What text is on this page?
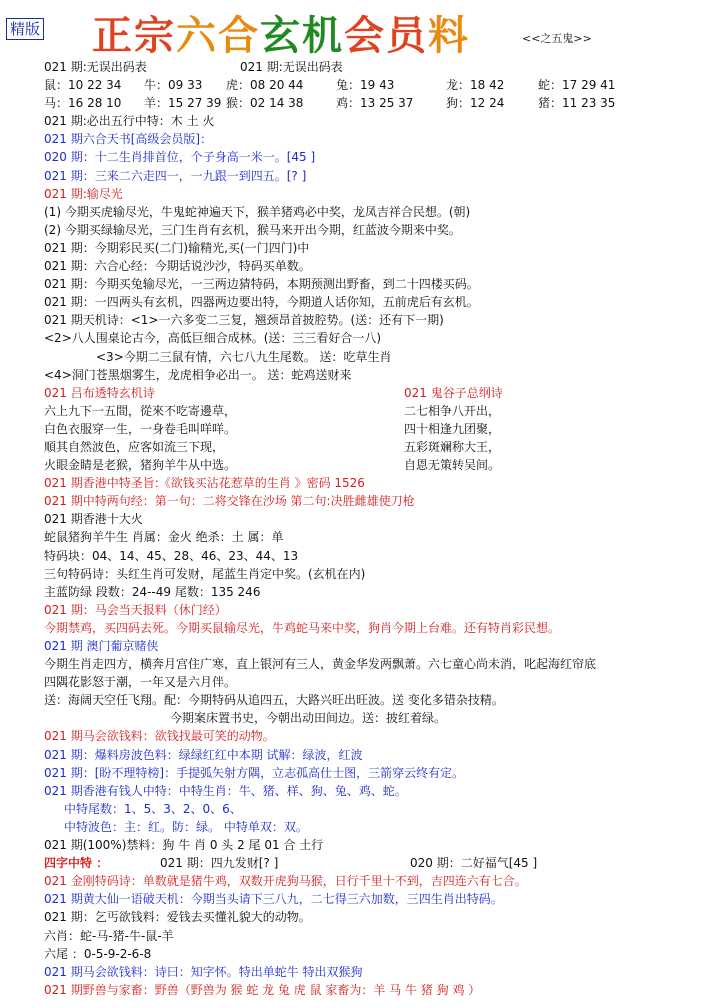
精版 正宗六合玄机会员料	<<之五鬼>>
021 期:无误出码表	021 期:无误出码表
鼠：10 22 34 牛：09 33 虎：08 20 44	兔：19 43	龙：18 42	蛇：17 29 41
马：16 28 10 羊：15 27 39 猴：02 14 38	鸡：13 25 37	狗：12 24	猪：11 23 35
021 期:必出五行中特：木 土 火
021 期六合天书[高级会员版]：
020 期：十二生肖排首位，个子身高一米一。[45 ]
021 期：三来二六走四一，一九跟一到四五。[? ]
021 期:输尽光
(1) 今期买虎输尽光，牛鬼蛇神遍天下，猴羊猪鸡必中奖，龙凤吉祥合民想。(朝)
(2) 今期买绿输尽光，三门生肖有玄机，猴马来开出今期，红蓝波今期来中奖。
021 期：今期彩民买(二门)输精光,买(一门四门)中
021 期：六合心经：今期话说沙沙，特码买单数。
021 期：今期买兔输尽光，一三两边猜特码，本期预测出野畜，到二十四楼买码。
021 期：一四两头有玄机，四器两边要出特，今期道人话你知，五前虎后有玄机。
021 期天机诗：<1>一六多变二三复，翘颈昂首披腔势。(送：还有下一期)
<2>八人围桌论古今，高低巨细合成林。(送：三三看好合一八)
<3>今期二三鼠有情，六七八九生尾数。 送：吃草生肖
<4>洞门苍黑烟雾生，龙虎相争必出一。 送：蛇鸡送财来
021 吕布透特玄机诗	021 鬼谷子总纲诗
六上九下一五間，從來不吃寄邊草，	二七相争八开出，
白色衣服穿一生，一身卷毛叫咩咩。	四十相逢九团聚，
順其自然波色，应客如流三下现，	五彩斑斓称大王，
火眼金睛是老猴，猪狗羊牛从中选。	自恩无策转吴间。
021 期香港中特圣旨:《欲钱买沾花惹草的生肖 》密码 1526
021 期中特两句经：第一句：二将交锋在沙场 第二句:决胜雌雄使刀枪
021 期香港十大火
蛇鼠猪狗羊牛生 肖属：金火 绝杀：土 属：单
特码块：04、14、45、28、46、23、44、13
三句特码诗：头红生肖可发财，尾蓝生肖定中奖。(玄机在内)
主蓝防绿 段数：24--49 尾数：135 246
021 期：马会当天报料（休门经）
今期禁鸡，买四码去死。今期买鼠输尽光，牛鸡蛇马来中奖，狗肖今期上台难。还有特肖彩民想。
021 期 澳门葡京赌侠
今期生肖走四方，横奔月宫住广寒，直上银河有三人，黄金华发两飘萧。六七童心尚未消，叱起海红帘底
四隅花影怒于潮，一年又是六月伴。
送：海阔天空任飞翔。配：今期特码从追四五，大路兴旺出旺波。送 变化多错杂技精。
今期案床置书史，今朝出动田间边。送：披红着绿。
021 期马会欲钱料：欲钱找最可笑的动物。
021 期：爆料房波色料：绿绿红红中本期 试解：绿波，红波
021 期：[盼不理特榜]：手提弧矢射方隅，立志孤高仕士图，三箭穿云终有定。
021 期香港有钱人中特：中特生肖：牛、猪、样、狗、兔、鸡、蛇。
中特尾数：1、5、3、2、0、6、
中特波色：主：红。防：绿。 中特单双：双。
021 期(100%)禁料：狗 牛 肖 0 头 2 尾 01 合 土行
四字中特 ：	021 期：四九发财[? ]	020 期：二好福气[45 ]
021 金刚特码诗：单数就是猪牛鸡，双数开虎狗马猴，日行千里十不到，吉四连六有七合。
021 期黄大仙一语破天机：今期当头请下三八九，二七得三六加数，三四生肖出特码。
021 期：乞丐欲钱料：爱钱去买懂礼貌大的动物。
六肖：蛇-马-猪-牛-鼠-羊
六尾 ：0-5-9-2-6-8
021 期马会欲钱料：诗曰：知字怀。特出单蛇牛 特出双猴狗
021 期野兽与家畜：野兽（野兽为 猴 蛇 龙 兔 虎 鼠 家畜为：羊 马 牛 猪 狗 鸡 ）
